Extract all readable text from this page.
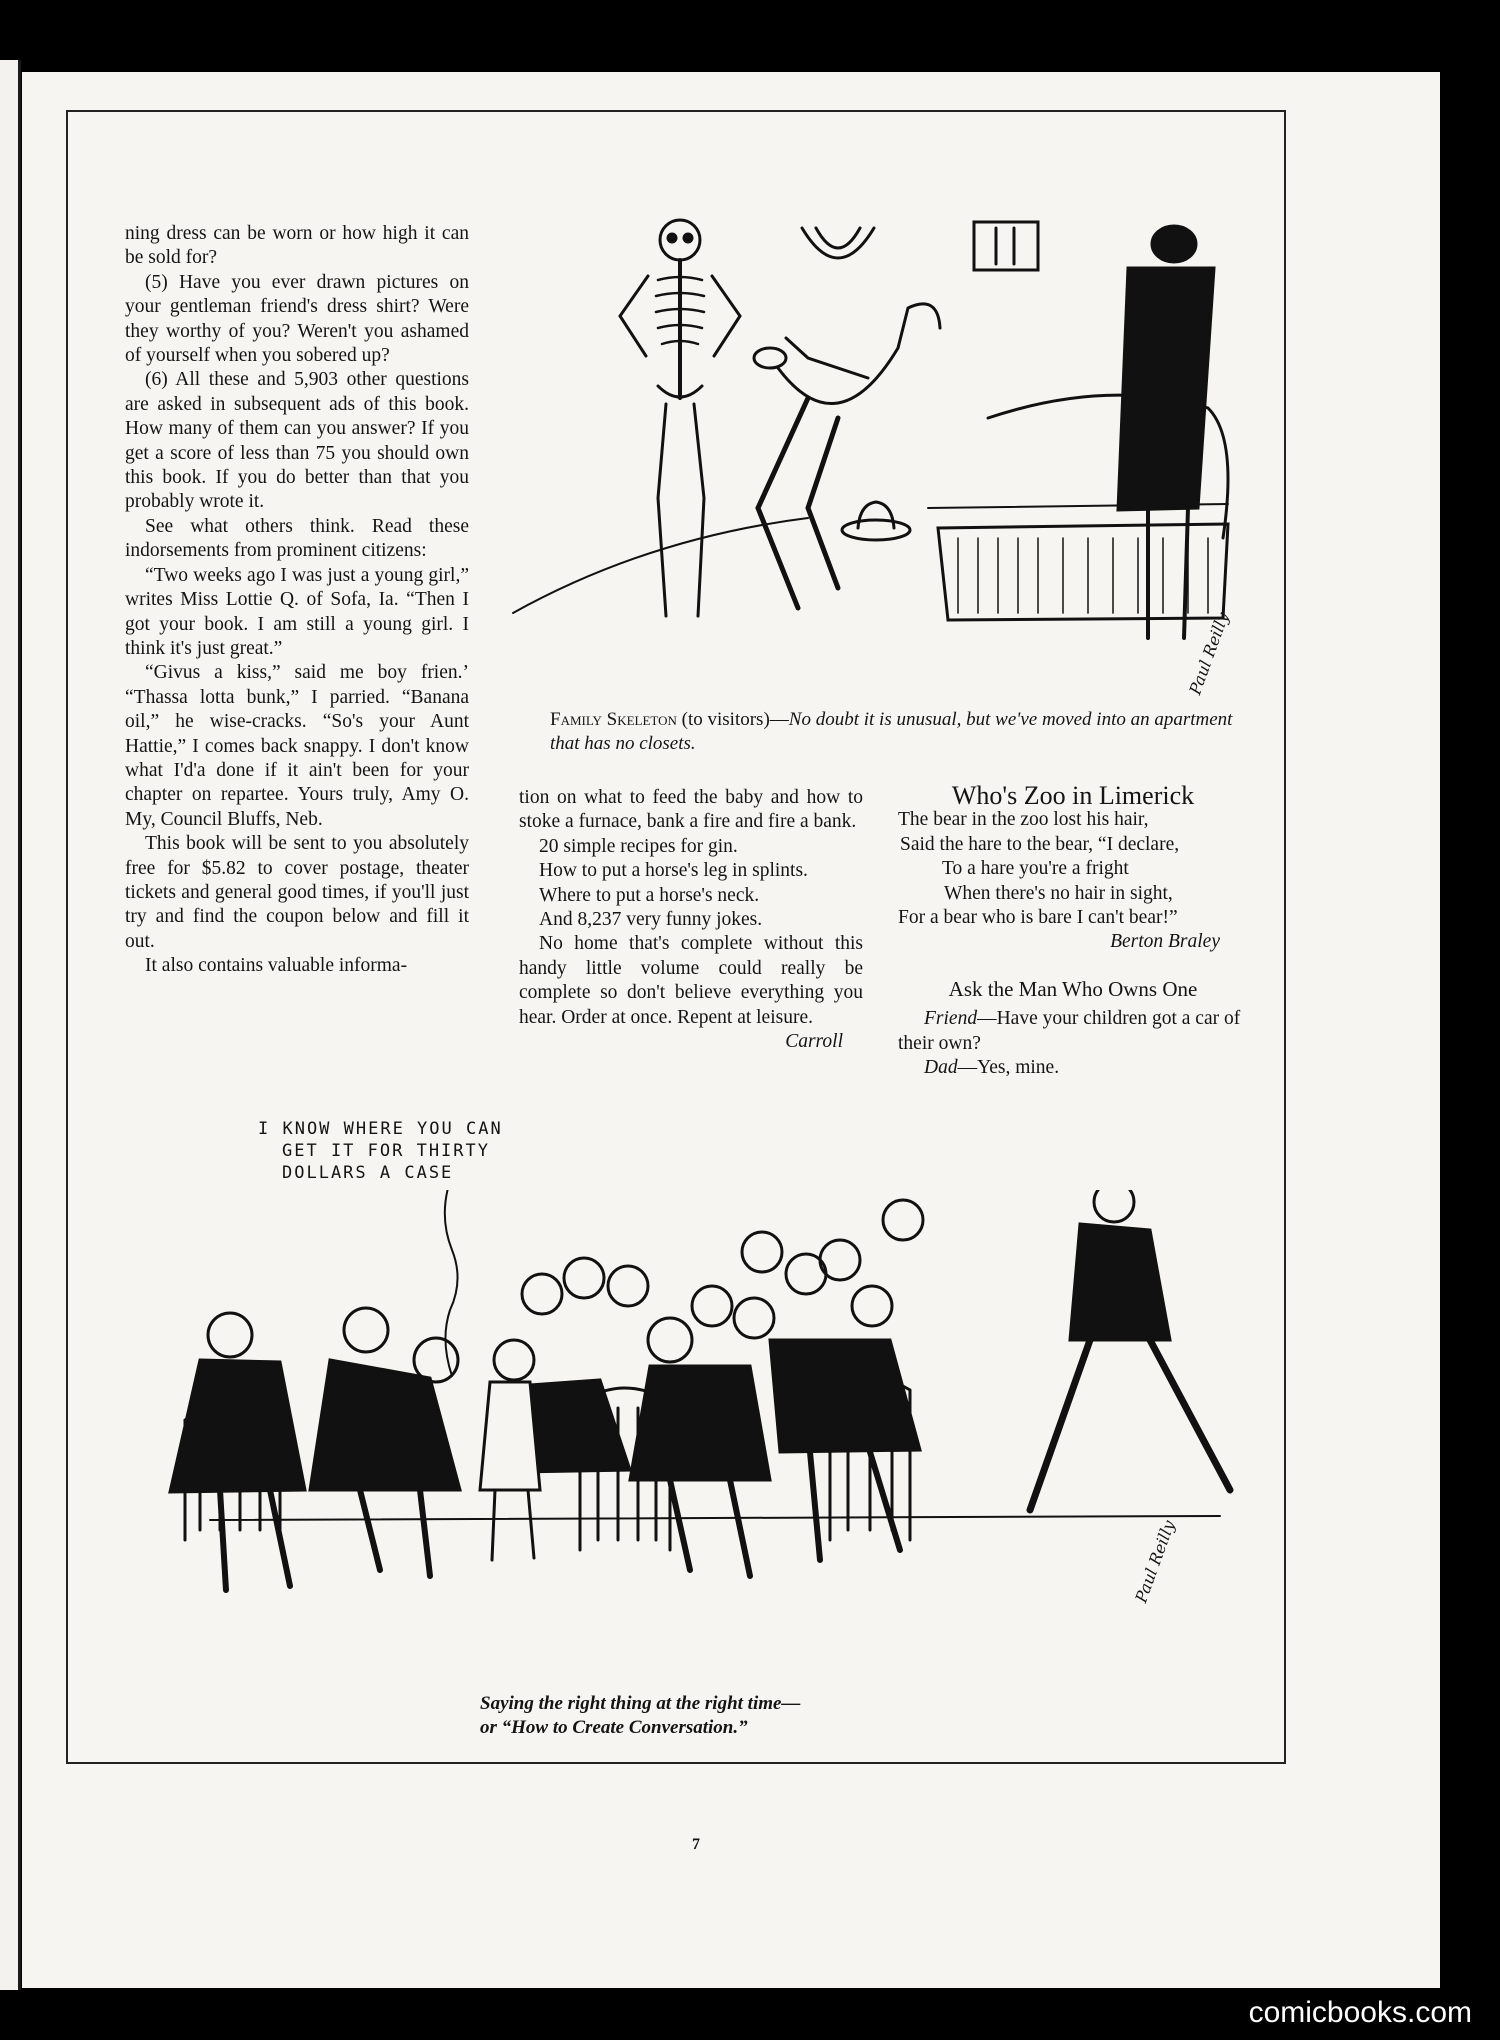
ning dress can be worn or how high it can be sold for?

(5) Have you ever drawn pictures on your gentleman friend's dress shirt? Were they worthy of you? Weren't you ashamed of yourself when you sobered up?

(6) All these and 5,903 other questions are asked in subsequent ads of this book. How many of them can you answer? If you get a score of less than 75 you should own this book. If you do better than that you probably wrote it.

See what others think. Read these indorsements from prominent citizens:

“Two weeks ago I was just a young girl,” writes Miss Lottie Q. of Sofa, Ia. “Then I got your book. I am still a young girl. I think it's just great.”

“Givus a kiss,” said me boy frien.’ “Thassa lotta bunk,” I parried. “Banana oil,” he wise-cracks. “So's your Aunt Hattie,” I comes back snappy. I don't know what I'd'a done if it ain't been for your chapter on repartee. Yours truly, Amy O. My, Council Bluffs, Neb.

This book will be sent to you absolutely free for $5.82 to cover postage, theater tickets and general good times, if you'll just try and find the coupon below and fill it out.

It also contains valuable informa-

Paul Reilly
Family Skeleton (to visitors)—No doubt it is unusual, but we've moved into an apartment that has no closets.

tion on what to feed the baby and how to stoke a furnace, bank a fire and fire a bank.

20 simple recipes for gin.

How to put a horse's leg in splints.

Where to put a horse's neck.

And 8,237 very funny jokes.

No home that's complete without this handy little volume could really be complete so don't believe everything you hear. Order at once. Repent at leisure.
Carroll

Who's Zoo in Limerick

The bear in the zoo lost his hair,

Said the hare to the bear, “I declare,

To a hare you're a fright

When there's no hair in sight,

For a bear who is bare I can't bear!”

Berton Braley

Ask the Man Who Owns One

Friend—Have your children got a car of their own?

Dad—Yes, mine.

I KNOW WHERE YOU CAN
GET IT FOR THIRTY
DOLLARS A CASE
Paul Reilly
Saying the right thing at the right time—
or “How to Create Conversation.”
7
comicbooks.com
